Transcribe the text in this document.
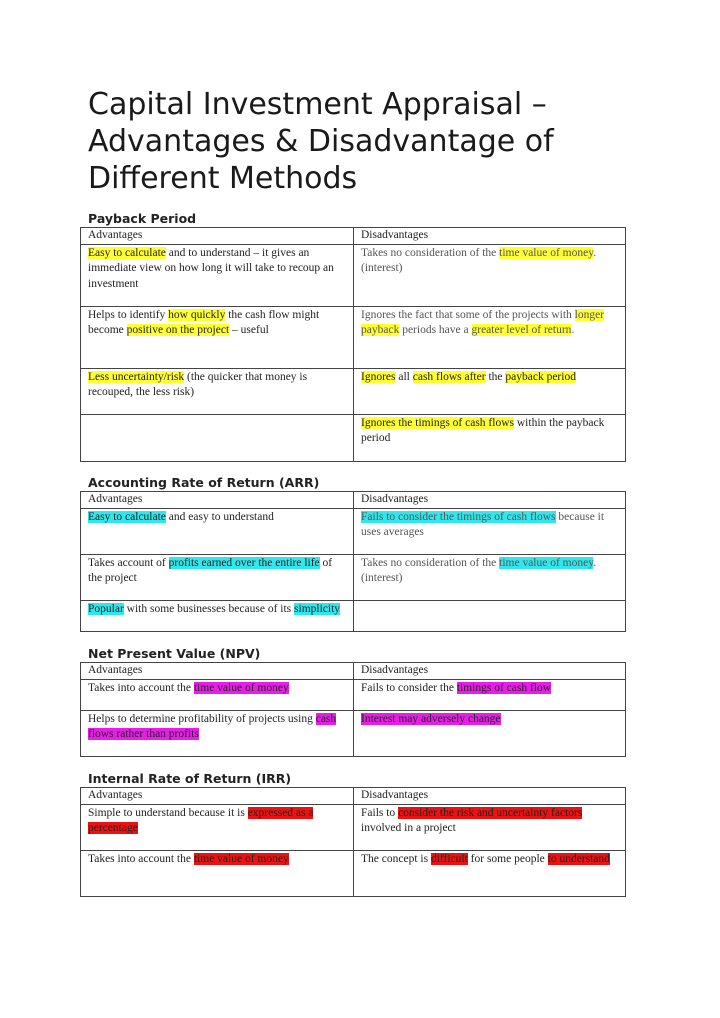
Capital Investment Appraisal –
Advantages & Disadvantage of
Different Methods
Payback Period
Advantages	Disadvantages
Easy to calculate and to understand – it gives an immediate view on how long it will take to recoup an investment	Takes no consideration of the time value of money. (interest)
Helps to identify how quickly the cash flow might become positive on the project – useful	Ignores the fact that some of the projects with longer payback periods have a greater level of return.
Less uncertainty/risk (the quicker that money is recouped, the less risk)	Ignores all cash flows after the payback period
	Ignores the timings of cash flows within the payback period
Accounting Rate of Return (ARR)
Advantages	Disadvantages
Easy to calculate and easy to understand	Fails to consider the timings of cash flows because it uses averages
Takes account of profits earned over the entire life of the project	Takes no consideration of the time value of money. (interest)
Popular with some businesses because of its simplicity	
Net Present Value (NPV)
Advantages	Disadvantages
Takes into account the time value of money	Fails to consider the timings of cash flow
Helps to determine profitability of projects using cash flows rather than profits	Interest may adversely change
Internal Rate of Return (IRR)
Advantages	Disadvantages
Simple to understand because it is expressed as a percentage	Fails to consider the risk and uncertainty factors involved in a project
Takes into account the time value of money	The concept is difficult for some people to understand
